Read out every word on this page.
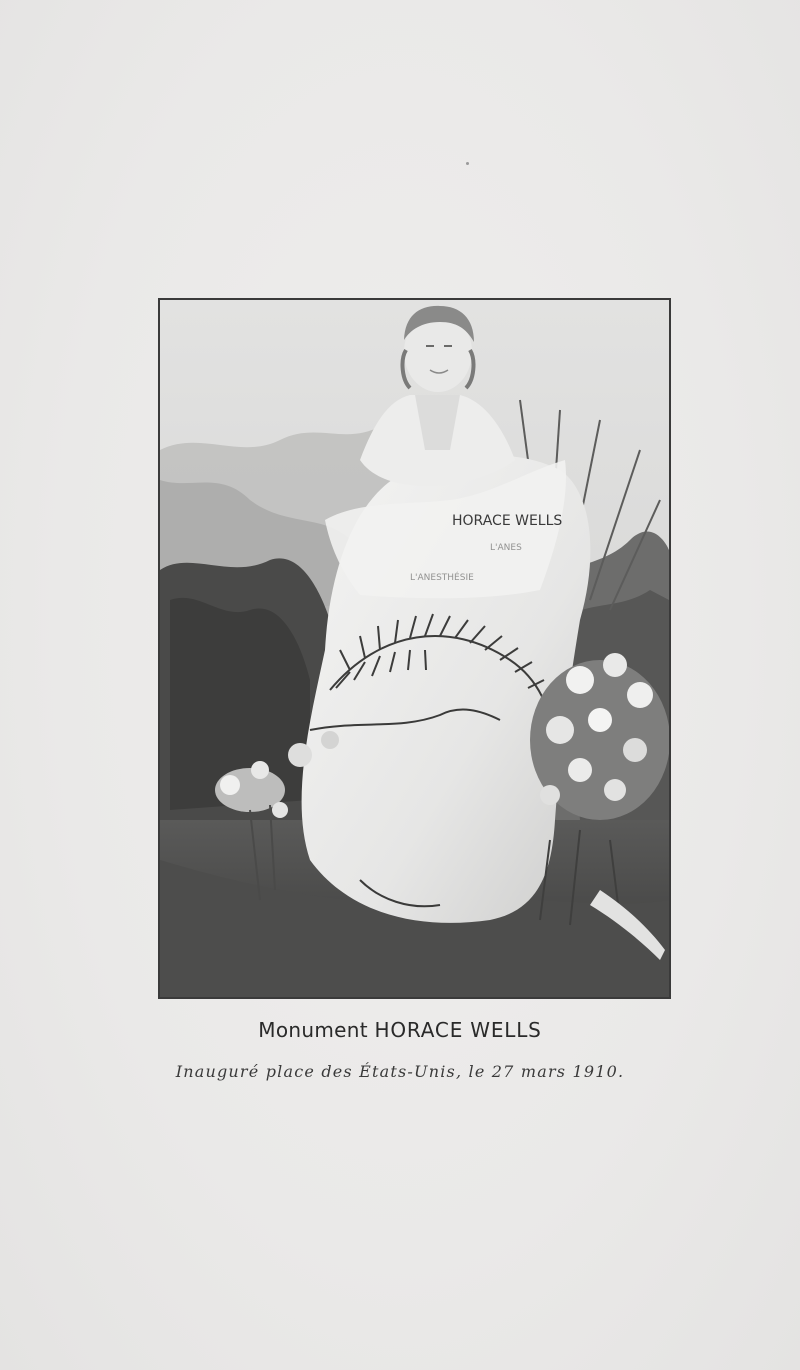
HORACE WELLS
L'ANES
L'ANESTHÉSIE
Monument HORACE WELLS
Inauguré place des États-Unis, le 27 mars 1910.
